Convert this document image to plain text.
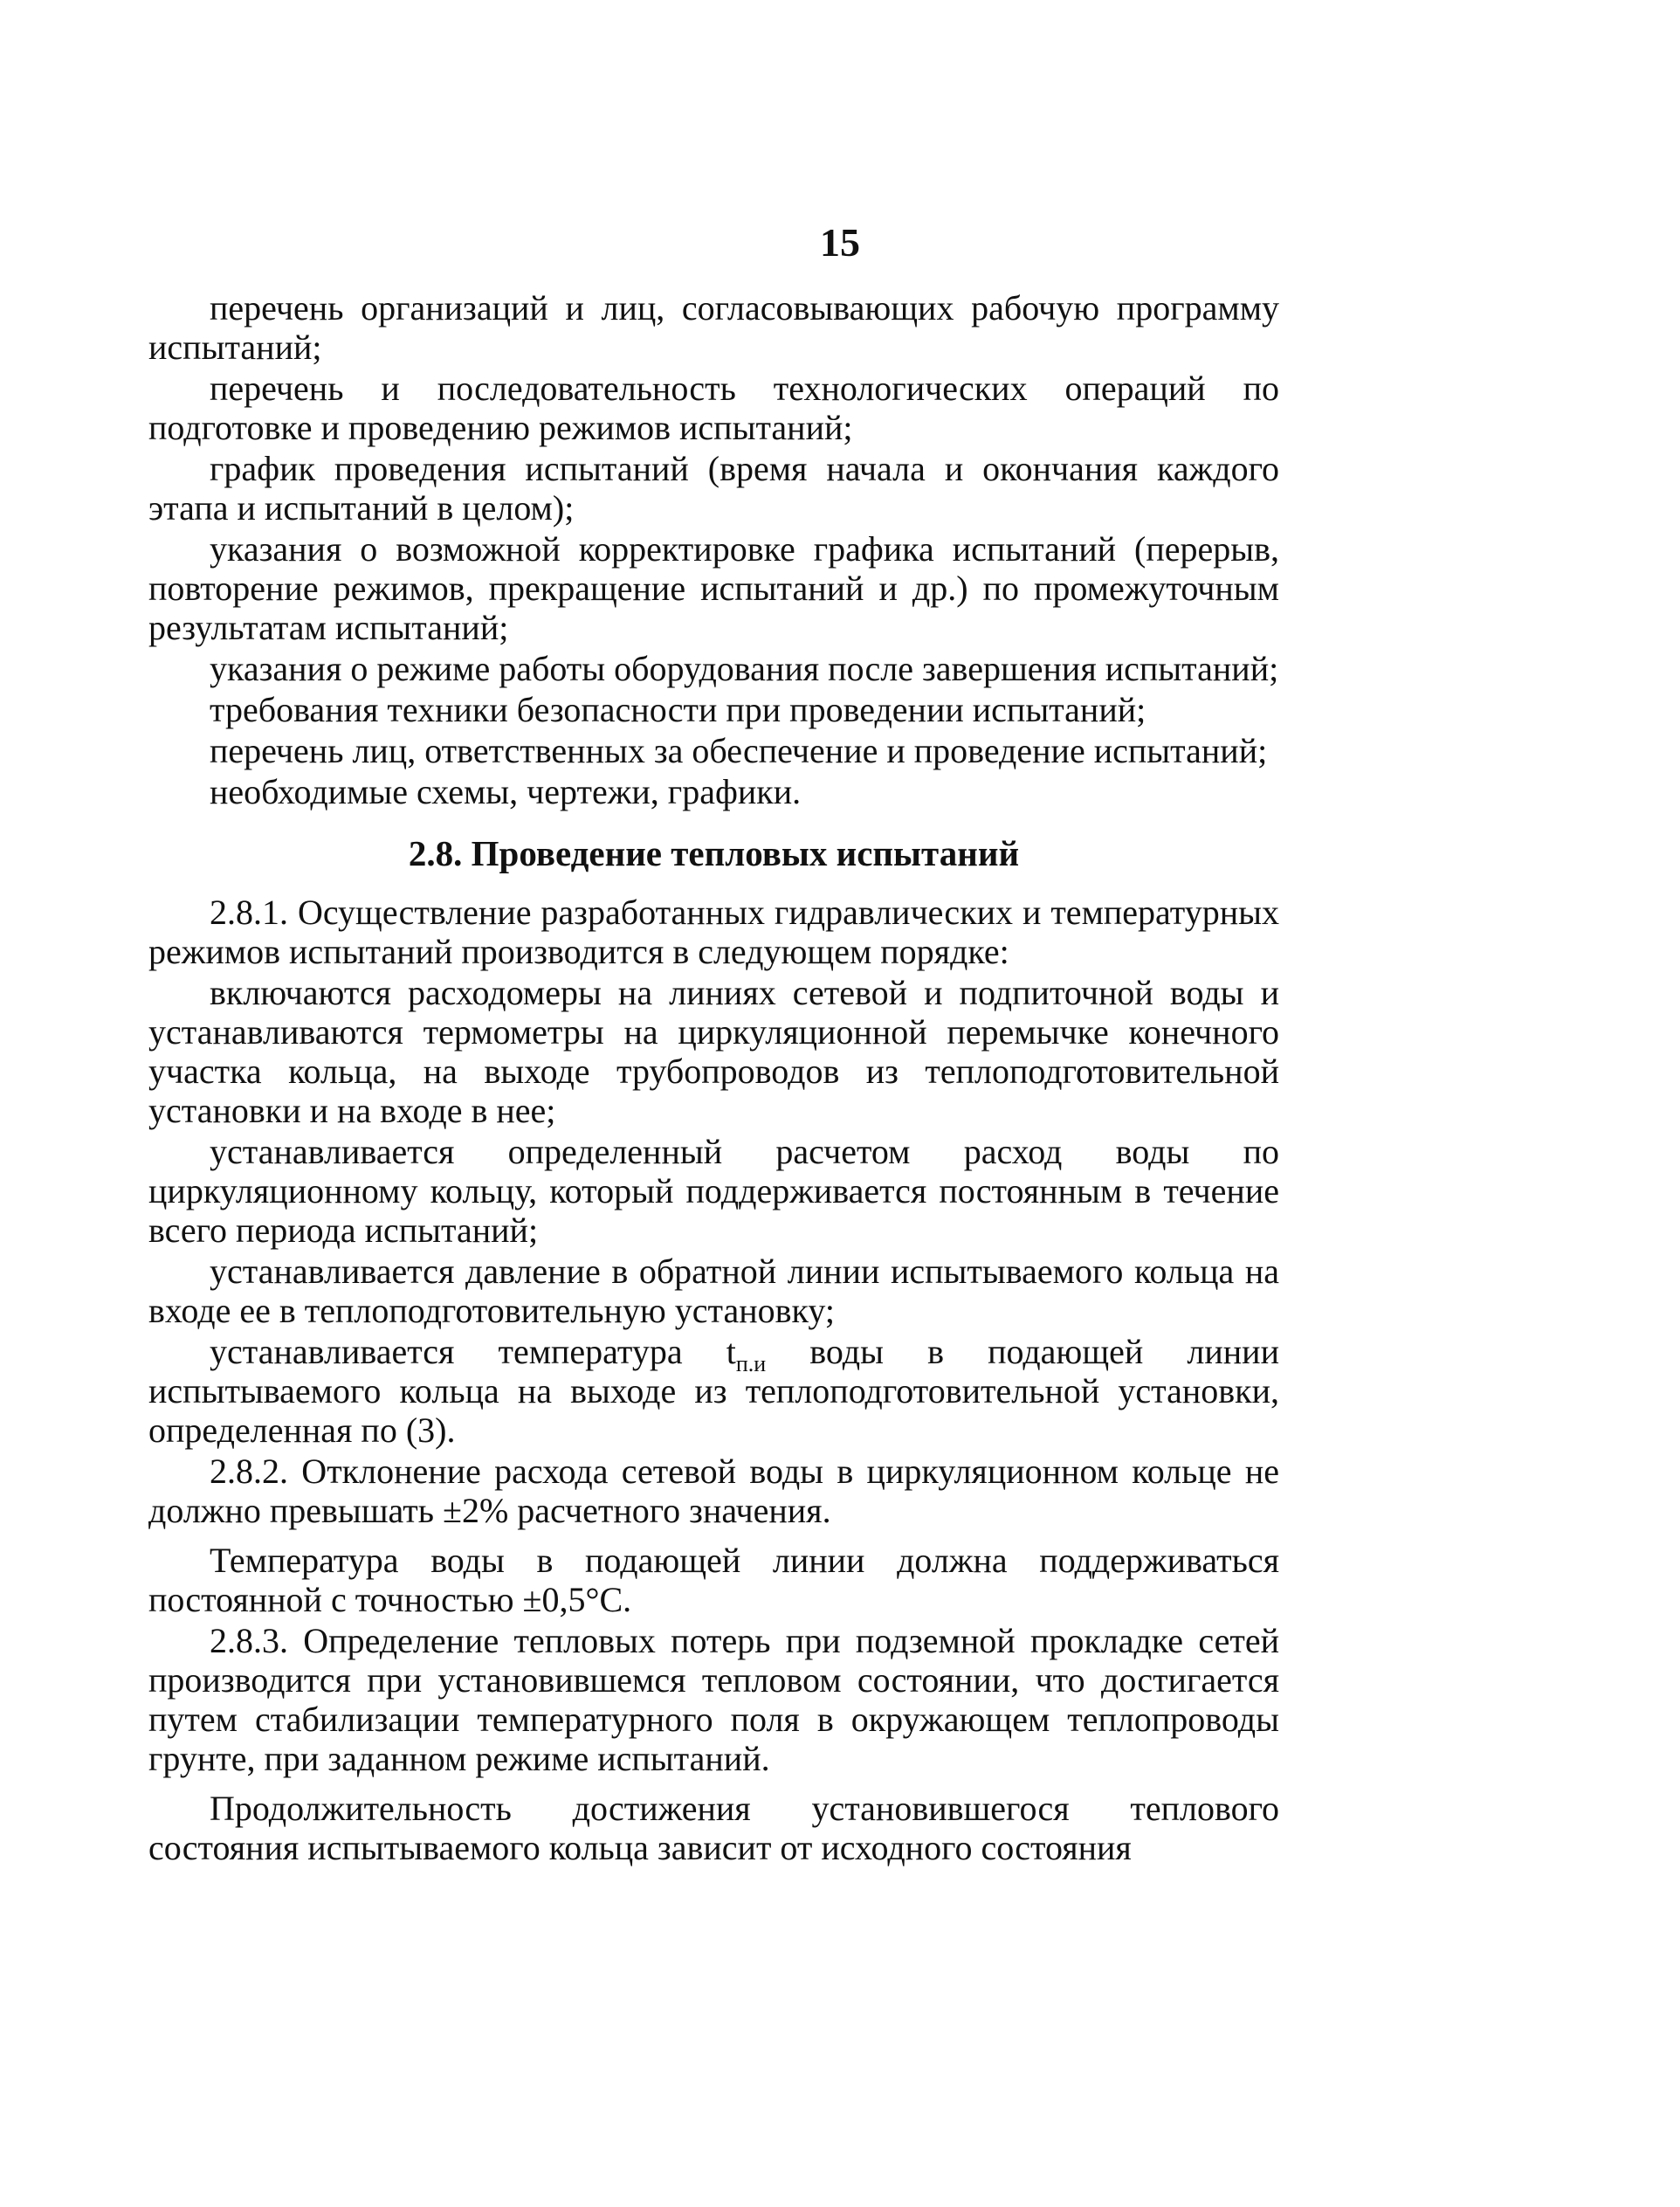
15

перечень организаций и лиц, согласовывающих рабочую программу испытаний;

перечень и последовательность технологических операций по подготовке и проведению режимов испытаний;

график проведения испытаний (время начала и окончания каждого этапа и испытаний в целом);

указания о возможной корректировке графика испытаний (перерыв, повторение режимов, прекращение испытаний и др.) по промежуточным результатам испытаний;

указания о режиме работы оборудования после завершения испытаний;

требования техники безопасности при проведении испытаний;

перечень лиц, ответственных за обеспечение и проведение испытаний;

необходимые схемы, чертежи, графики.

2.8. Проведение тепловых испытаний

2.8.1. Осуществление разработанных гидравлических и температурных режимов испытаний производится в следующем порядке:

включаются расходомеры на линиях сетевой и подпиточной воды и устанавливаются термометры на циркуляционной перемычке конечного участка кольца, на выходе трубопроводов из теплоподготовительной установки и на входе в нее;

устанавливается определенный расчетом расход воды по циркуляционному кольцу, который поддерживается постоянным в течение всего периода испытаний;

устанавливается давление в обратной линии испытываемого кольца на входе ее в теплоподготовительную установку;

устанавливается температура $t_{п.и}$ воды в подающей линии испытываемого кольца на выходе из теплоподготовительной установки, определенная по (3).

2.8.2. Отклонение расхода сетевой воды в циркуляционном кольце не должно превышать ±2% расчетного значения.

Температура воды в подающей линии должна поддерживаться постоянной с точностью ±0,5°С.

2.8.3. Определение тепловых потерь при подземной прокладке сетей производится при установившемся тепловом состоянии, что достигается путем стабилизации температурного поля в окружающем теплопроводы грунте, при заданном режиме испытаний.

Продолжительность достижения установившегося теплового состояния испытываемого кольца зависит от исходного состояния
